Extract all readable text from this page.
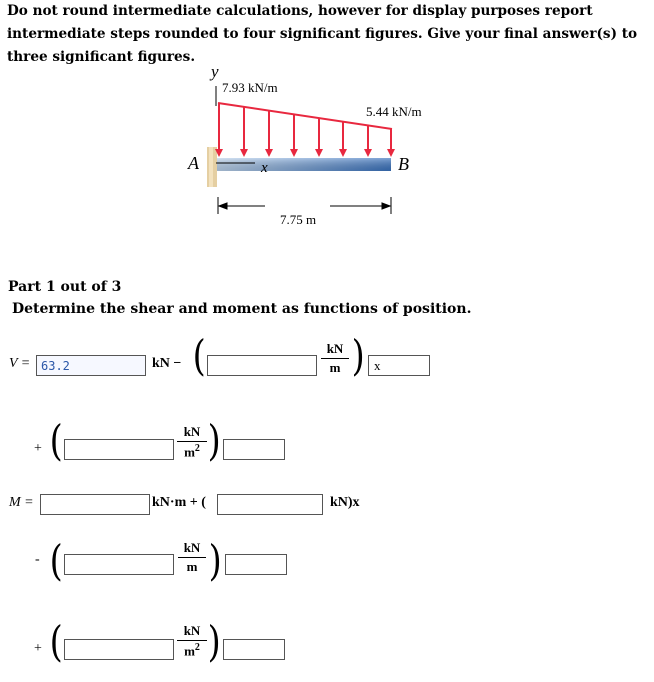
Do not round intermediate calculations, however for display purposes report intermediate steps rounded to four significant figures. Give your final answer(s) to three significant figures.
y
7.93 kN/m
5.44 kN/m
x
A	B
7.75 m
Part 1 out of 3
Determine the shear and moment as functions of position.
V =
63.2	kN − (	kN
m ) x
+ (	kN
$m^2$ )
M =	kN·m + (	kN)x
- (	kN
m )
+ (	kN
$m^2$ )
